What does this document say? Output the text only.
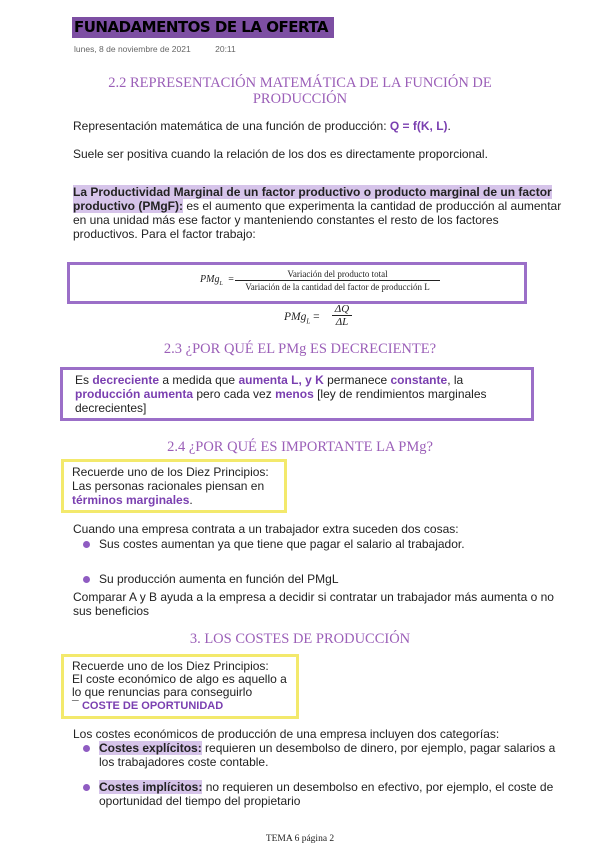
FUNADAMENTOS DE LA OFERTA
lunes, 8 de noviembre de 2021	20:11
2.2 REPRESENTACIÓN MATEMÁTICA DE LA FUNCIÓN DE
PRODUCCIÓN
Representación matemática de una función de producción: Q = f(K, L).
Suele ser positiva cuando la relación de los dos es directamente proporcional.
La Productividad Marginal de un factor productivo o producto marginal de un factor productivo (PMgF): es el aumento que experimenta la cantidad de producción al aumentar en una unidad más ese factor y manteniendo constantes el resto de los factores productivos. Para el factor trabajo:
PMg$_L$ =	Variación del producto total
Variación de la cantidad del factor de producción L
$PMg_L = \frac{\Delta Q}{\Delta L}$
2.3 ¿POR QUÉ EL PMg ES DECRECIENTE?
Es decreciente a medida que aumenta L, y K permanece constante, la producción aumenta pero cada vez menos [ley de rendimientos marginales decrecientes]
2.4 ¿POR QUÉ ES IMPORTANTE LA PMg?
Recuerde uno de los Diez Principios:
Las personas racionales piensan en
términos marginales.
Cuando una empresa contrata a un trabajador extra suceden dos cosas:
Sus costes aumentan ya que tiene que pagar el salario al trabajador.
Su producción aumenta en función del PMgL
Comparar A y B ayuda a la empresa a decidir si contratar un trabajador más aumenta o no sus beneficios
3. LOS COSTES DE PRODUCCIÓN
Recuerde uno de los Diez Principios:
El coste económico de algo es aquello a
lo que renuncias para conseguirlo
¯ COSTE DE OPORTUNIDAD
Los costes económicos de producción de una empresa incluyen dos categorías:
Costes explícitos: requieren un desembolso de dinero, por ejemplo, pagar salarios a los trabajadores coste contable.
Costes implícitos: no requieren un desembolso en efectivo, por ejemplo, el coste de oportunidad del tiempo del propietario
TEMA 6 página 2
